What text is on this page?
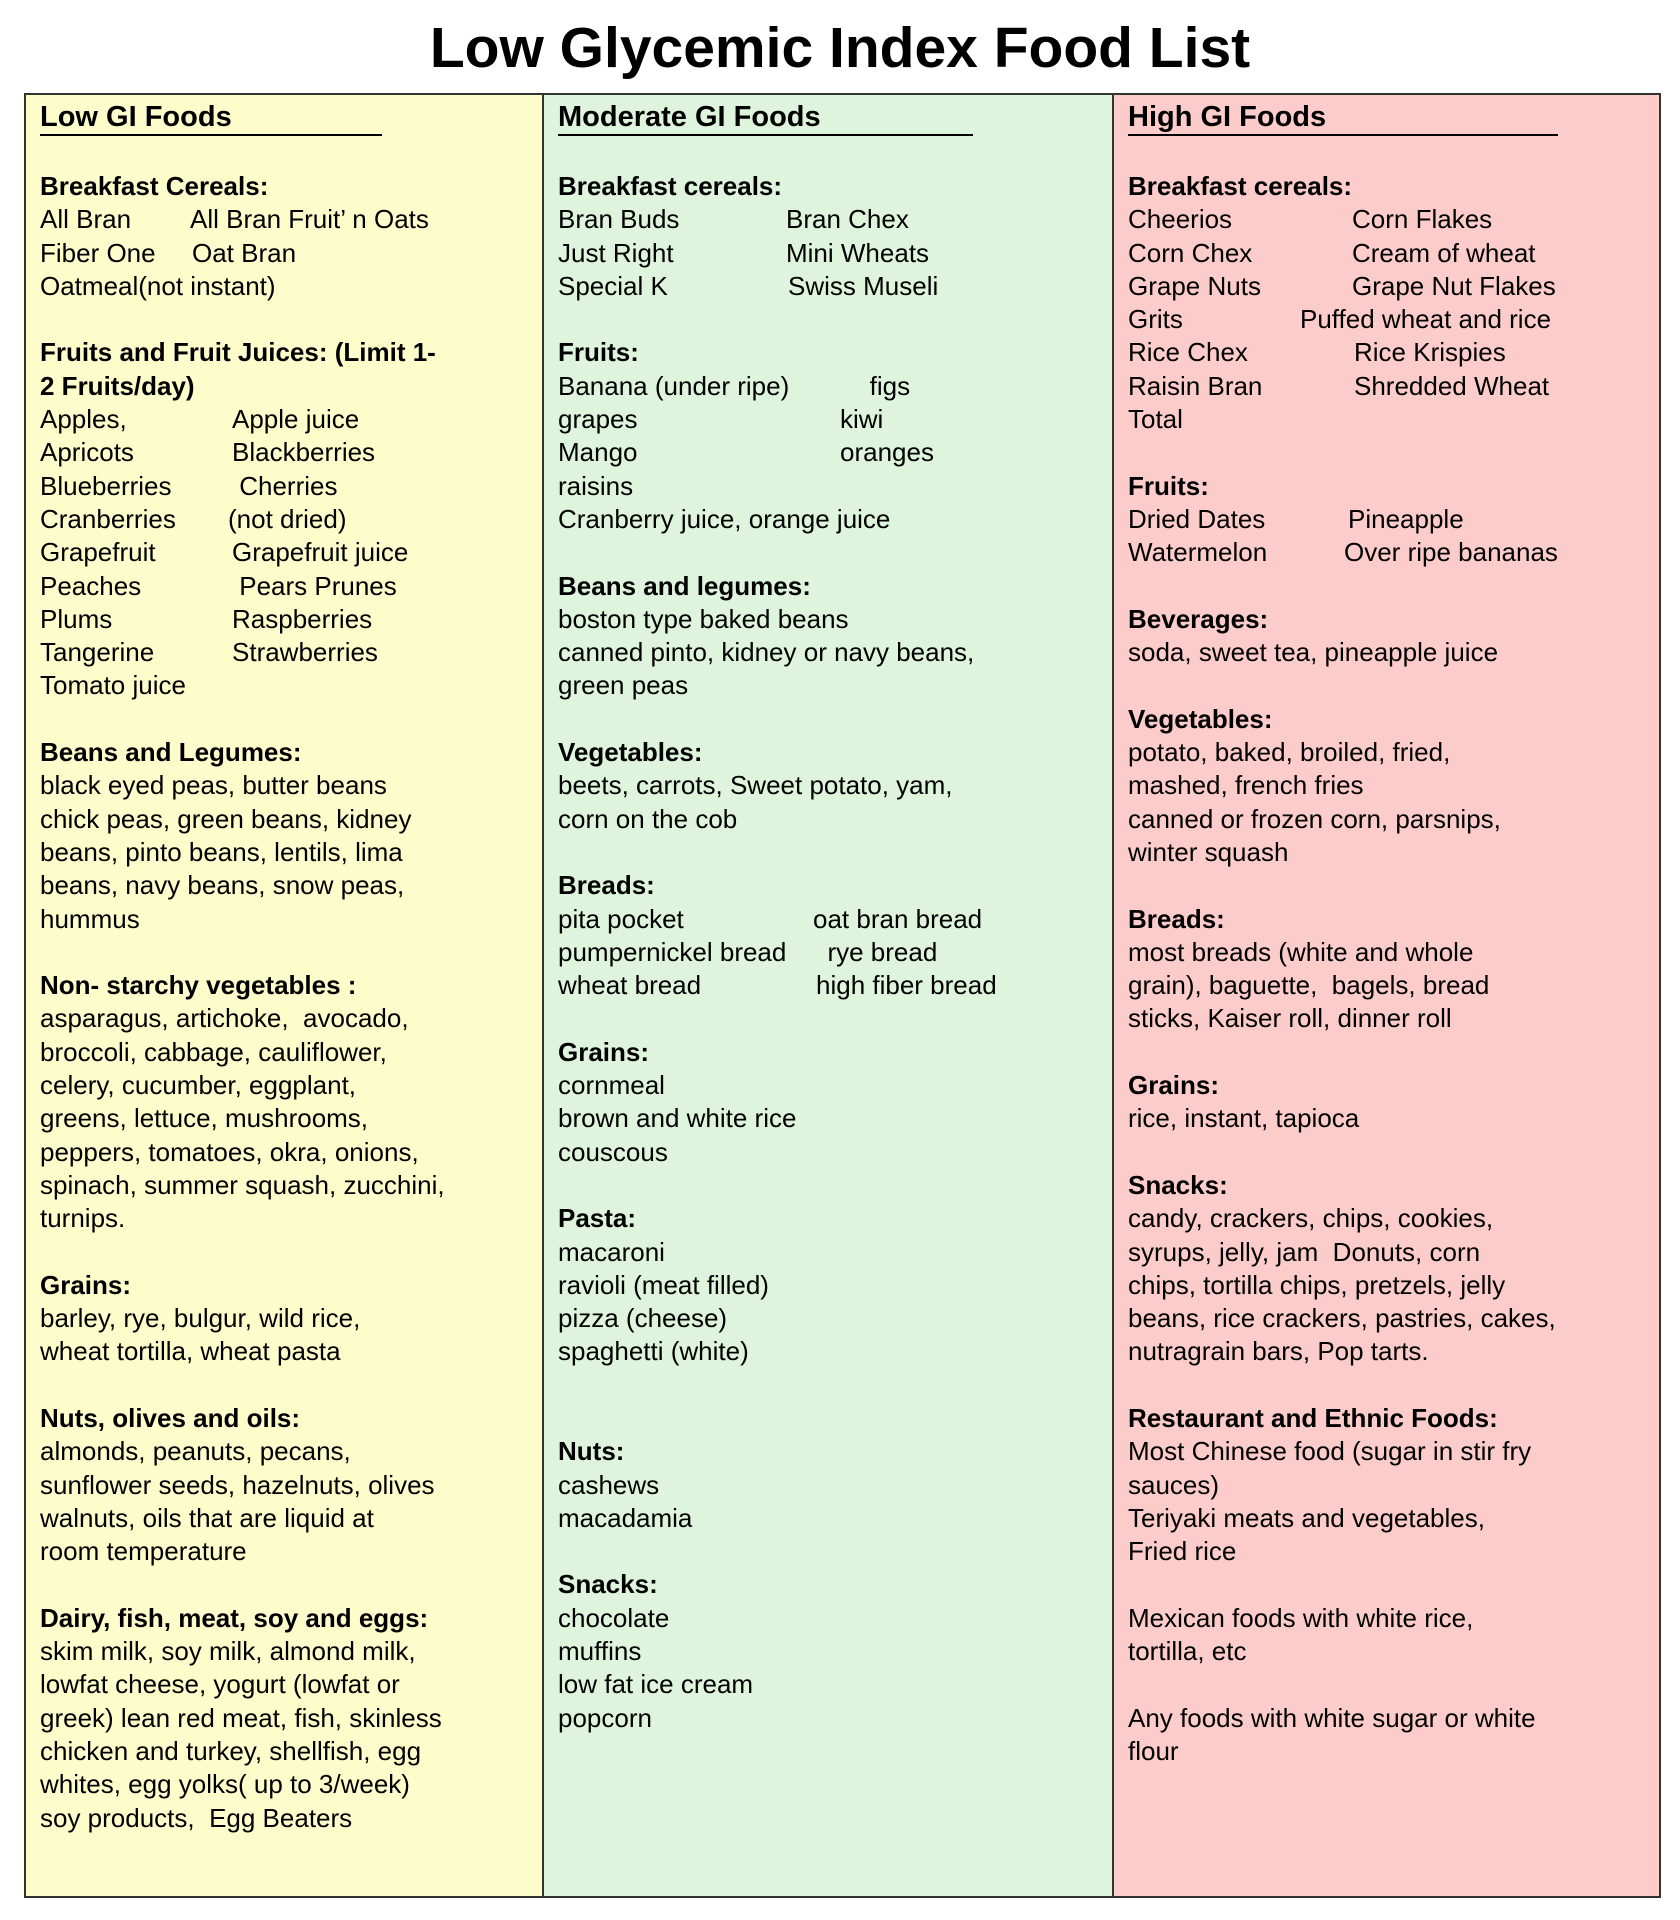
Low Glycemic Index Food List
Low GI Foods
Breakfast Cereals:
All Bran	All Bran Fruit’ n Oats
Fiber One	Oat Bran
Oatmeal(not instant)
Fruits and Fruit Juices: (Limit 1-2 Fruits/day)
Apples,	Apple juice
Apricots	Blackberries
Blueberries	Cherries
Cranberries	(not dried)
Grapefruit	Grapefruit juice
Peaches	Pears Prunes
Plums	Raspberries
Tangerine	Strawberries
Tomato juice
Beans and Legumes:
black eyed peas, butter beans
chick peas, green beans, kidney
beans, pinto beans, lentils, lima
beans, navy beans, snow peas,
hummus
Non- starchy vegetables :
asparagus, artichoke,  avocado,
broccoli, cabbage, cauliflower,
celery, cucumber, eggplant,
greens, lettuce, mushrooms,
peppers, tomatoes, okra, onions,
spinach, summer squash, zucchini,
turnips.
Grains:
barley, rye, bulgur, wild rice,
wheat tortilla, wheat pasta
Nuts, olives and oils:
almonds, peanuts, pecans,
sunflower seeds, hazelnuts, olives
walnuts, oils that are liquid at
room temperature
Dairy, fish, meat, soy and eggs:
skim milk, soy milk, almond milk,
lowfat cheese, yogurt (lowfat or
greek) lean red meat, fish, skinless
chicken and turkey, shellfish, egg
whites, egg yolks( up to 3/week)
soy products,  Egg Beaters
Moderate GI Foods
Breakfast cereals:
Bran Buds	Bran Chex
Just Right	Mini Wheats
Special K	Swiss Museli
Fruits:
Banana (under ripe)	figs
grapes	kiwi
Mango	oranges
raisins
Cranberry juice, orange juice
Beans and legumes:
boston type baked beans
canned pinto, kidney or navy beans,
green peas
Vegetables:
beets, carrots, Sweet potato, yam,
corn on the cob
Breads:
pita pocket	oat bran bread
pumpernickel bread	rye bread
wheat bread	high fiber bread
Grains:
cornmeal
brown and white rice
couscous
Pasta:
macaroni
ravioli (meat filled)
pizza (cheese)
spaghetti (white)
Nuts:
cashews
macadamia
Snacks:
chocolate
muffins
low fat ice cream
popcorn
High GI Foods
Breakfast cereals:
Cheerios	Corn Flakes
Corn Chex	Cream of wheat
Grape Nuts	Grape Nut Flakes
Grits	Puffed wheat and rice
Rice Chex	Rice Krispies
Raisin Bran	Shredded Wheat
Total
Fruits:
Dried Dates	Pineapple
Watermelon	Over ripe bananas
Beverages:
soda, sweet tea, pineapple juice
Vegetables:
potato, baked, broiled, fried,
mashed, french fries
canned or frozen corn, parsnips,
winter squash
Breads:
most breads (white and whole
grain), baguette,  bagels, bread
sticks, Kaiser roll, dinner roll
Grains:
rice, instant, tapioca
Snacks:
candy, crackers, chips, cookies,
syrups, jelly, jam  Donuts, corn
chips, tortilla chips, pretzels, jelly
beans, rice crackers, pastries, cakes,
nutragrain bars, Pop tarts.
Restaurant and Ethnic Foods:
Most Chinese food (sugar in stir fry
sauces)
Teriyaki meats and vegetables,
Fried rice
Mexican foods with white rice,
tortilla, etc
Any foods with white sugar or white
flour
